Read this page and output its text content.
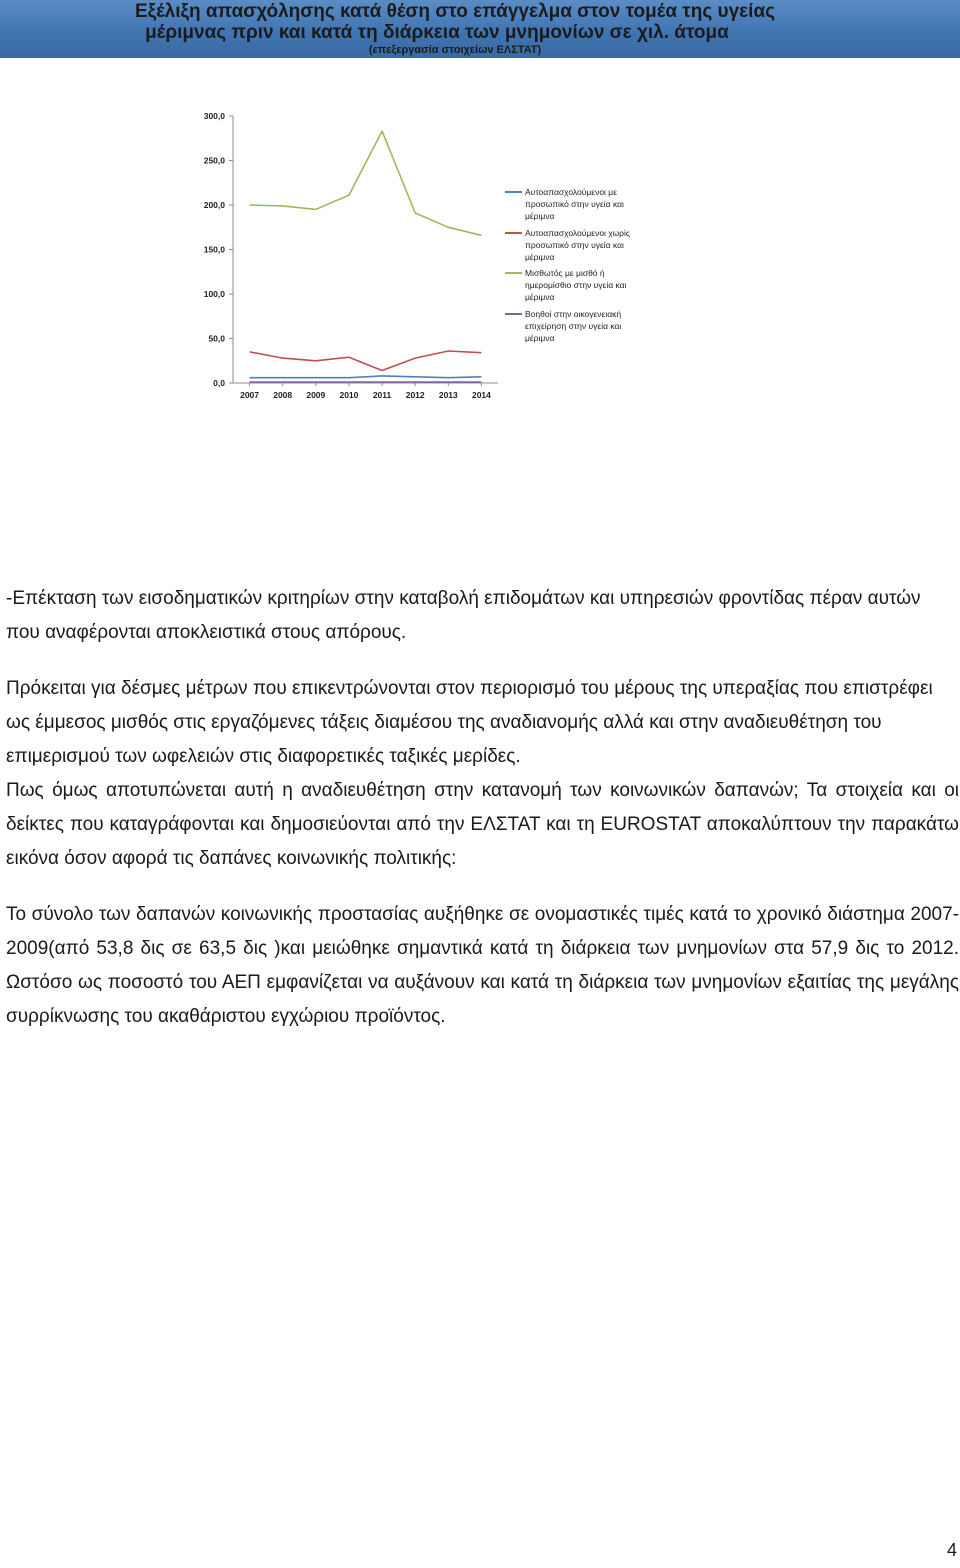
Εξέλιξη απασχόλησης κατά θέση στο επάγγελμα στον τομέα της υγείας
μέριμνας πριν και κατά τη διάρκεια των μνημονίων σε χιλ. άτομα
(επεξεργασία στοιχείων ΕΛΣΤΑΤ)
0,0
50,0
100,0
150,0
200,0
250,0
300,0
2007 2008 2009 2010 2011 2012 2013 2014
Αυτοαπασχολούμενοι με
προσωπικό στην υγεία και
μέριμνα
Αυτοαπασχολούμενοι χωρίς
προσωπικό στην υγεία και
μέριμνα
Μισθωτός με μισθό ή
ημερομίσθιο στην υγεία και
μέριμνα
Βοηθοί στην οικογενειακή
επιχείρηση στην υγεία και
μέριμνα

-Επέκταση των εισοδηματικών κριτηρίων στην καταβολή επιδομάτων και υπηρεσιών φροντίδας πέραν αυτών που αναφέρονται αποκλειστικά στους απόρους.

Πρόκειται για δέσμες μέτρων που επικεντρώνονται στον περιορισμό του μέρους της υπεραξίας που επιστρέφει ως έμμεσος μισθός στις εργαζόμενες τάξεις διαμέσου της αναδιανομής αλλά και στην αναδιευθέτηση του επιμερισμού των ωφελειών στις διαφορετικές ταξικές μερίδες.

Πως όμως αποτυπώνεται αυτή η αναδιευθέτηση στην κατανομή των κοινωνικών δαπανών; Τα στοιχεία και οι δείκτες που καταγράφονται και δημοσιεύονται από την ΕΛΣΤΑΤ και τη EUROSTAT αποκαλύπτουν την παρακάτω εικόνα όσον αφορά τις δαπάνες κοινωνικής πολιτικής:

Το σύνολο των δαπανών κοινωνικής προστασίας αυξήθηκε σε ονομαστικές τιμές κατά το χρονικό διάστημα 2007-2009(από 53,8 δις σε 63,5 δις )και μειώθηκε σημαντικά κατά τη διάρκεια των μνημονίων στα 57,9 δις το 2012. Ωστόσο ως ποσοστό του ΑΕΠ εμφανίζεται να αυξάνουν και κατά τη διάρκεια των μνημονίων εξαιτίας της μεγάλης συρρίκνωσης του ακαθάριστου εγχώριου προϊόντος.

4
